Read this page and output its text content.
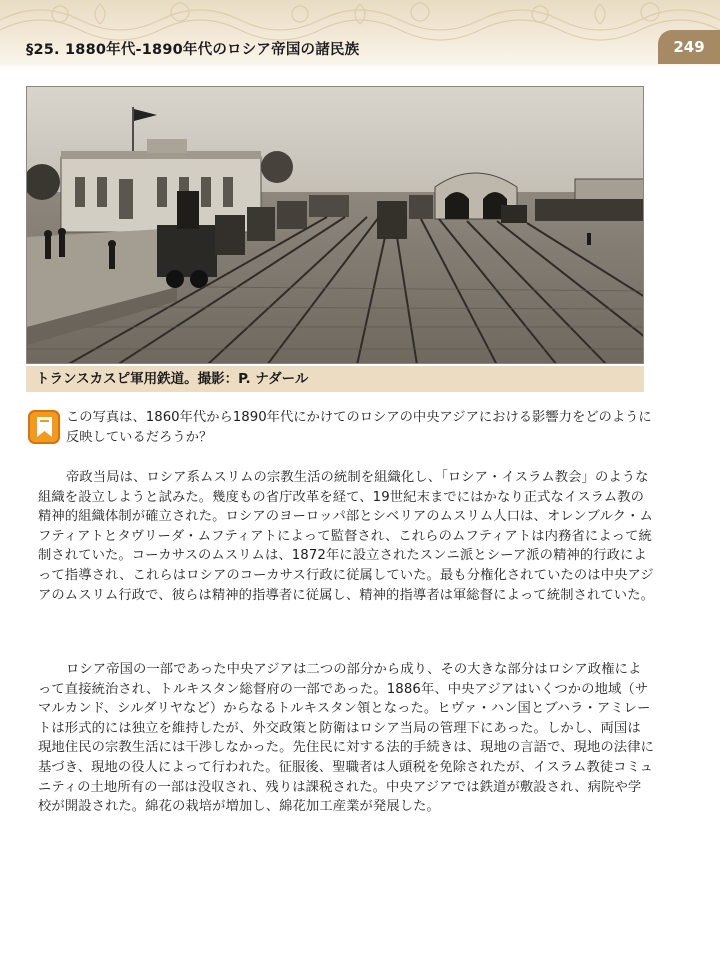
§25. 1880年代-1890年代のロシア帝国の諸民族	249
トランスカスピ軍用鉄道。撮影：P. ナダール

この写真は、1860年代から1890年代にかけてのロシアの中央アジアにおける影響力をどのように反映しているだろうか？

帝政当局は、ロシア系ムスリムの宗教生活の統制を組織化し、「ロシア・イスラム教会」のような組織を設立しようと試みた。幾度もの省庁改革を経て、19世紀末までにはかなり正式なイスラム教の精神的組織体制が確立された。ロシアのヨーロッパ部とシベリアのムスリム人口は、オレンブルク・ムフティアトとタヴリーダ・ムフティアトによって監督され、これらのムフティアトは内務省によって統制されていた。コーカサスのムスリムは、1872年に設立されたスンニ派とシーア派の精神的行政によって指導され、これらはロシアのコーカサス行政に従属していた。最も分権化されていたのは中央アジアのムスリム行政で、彼らは精神的指導者に従属し、精神的指導者は軍総督によって統制されていた。

ロシア帝国の一部であった中央アジアは二つの部分から成り、その大きな部分はロシア政権によって直接統治され、トルキスタン総督府の一部であった。1886年、中央アジアはいくつかの地域（サマルカンド、シルダリヤなど）からなるトルキスタン領となった。ヒヴァ・ハン国とブハラ・アミレートは形式的には独立を維持したが、外交政策と防衛はロシア当局の管理下にあった。しかし、両国は現地住民の宗教生活には干渉しなかった。先住民に対する法的手続きは、現地の言語で、現地の法律に基づき、現地の役人によって行われた。征服後、聖職者は人頭税を免除されたが、イスラム教徒コミュニティの土地所有の一部は没収され、残りは課税された。中央アジアでは鉄道が敷設され、病院や学校が開設された。綿花の栽培が増加し、綿花加工産業が発展した。
